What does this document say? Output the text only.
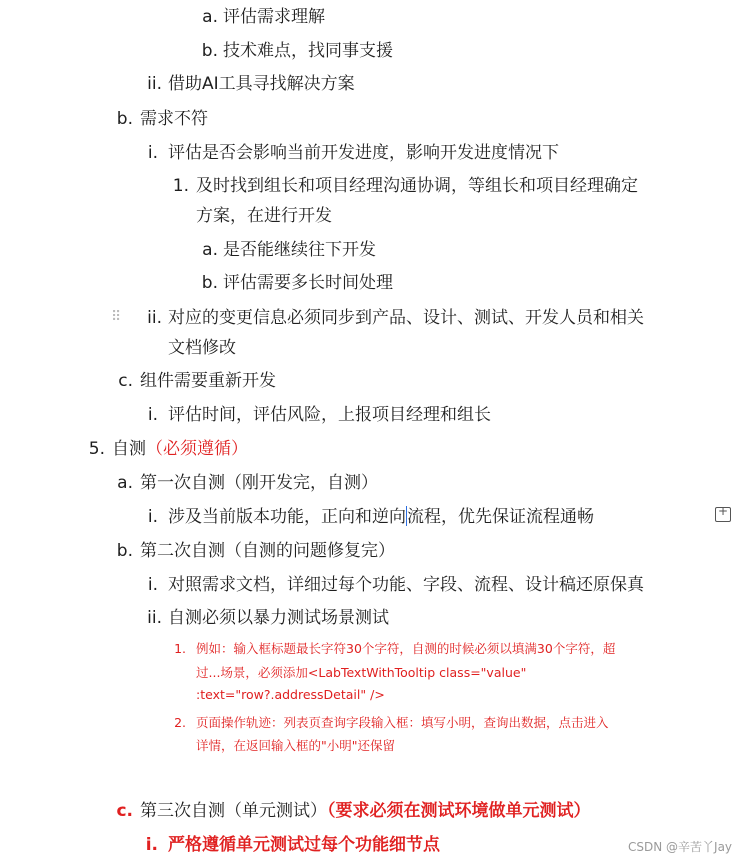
a. 评估需求理解
b. 技术难点，找同事支援
ii. 借助AI工具寻找解决方案
b. 需求不符
i. 评估是否会影响当前开发进度，影响开发进度情况下
1. 及时找到组长和项目经理沟通协调，等组长和项目经理确定
方案，在进行开发
a. 是否能继续往下开发
b. 评估需要多长时间处理
⠿	ii. 对应的变更信息必须同步到产品、设计、测试、开发人员和相关
文档修改
c. 组件需要重新开发
i. 评估时间，评估风险，上报项目经理和组长
5. 自测（必须遵循）
a. 第一次自测（刚开发完，自测）
i. 涉及当前版本功能，正向和逆向流程，优先保证流程通畅
+
b. 第二次自测（自测的问题修复完）
i. 对照需求文档，详细过每个功能、字段、流程、设计稿还原保真
ii. 自测必须以暴力测试场景测试
1. 例如：输入框标题最长字符30个字符，自测的时候必须以填满30个字符，超
过...场景，必须添加<LabTextWithTooltip class="value"
:text="row?.addressDetail" />
2. 页面操作轨迹：列表页查询字段输入框：填写小明，查询出数据，点击进入
详情，在返回输入框的"小明"还保留
c. 第三次自测（单元测试）（要求必须在测试环境做单元测试）
i. 严格遵循单元测试过每个功能细节点	CSDN @辛苦丫Jay
